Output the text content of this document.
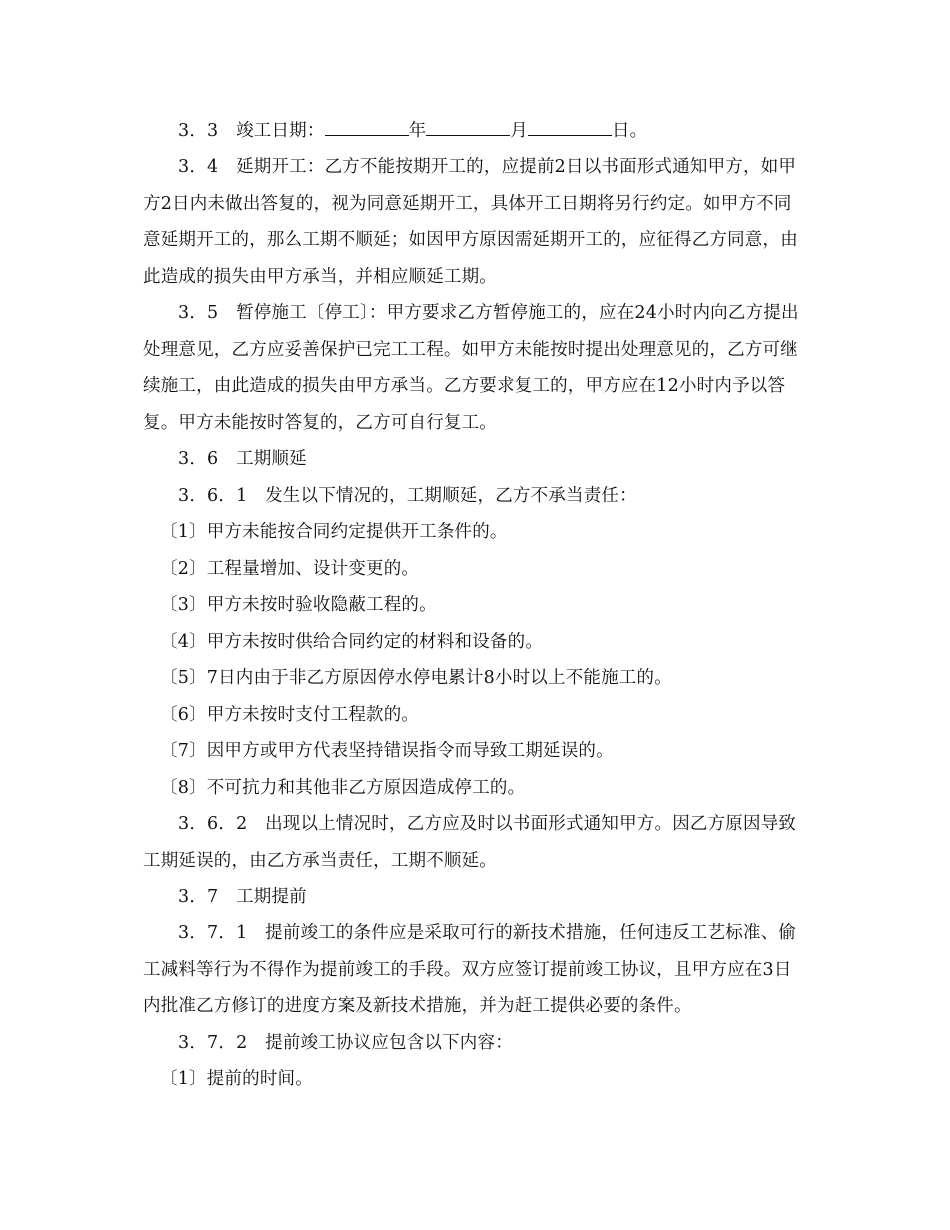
3．3　竣工日期：	年	月	日。

3．4　延期开工：乙方不能按期开工的，应提前2日以书面形式通知甲方，如甲方2日内未做出答复的，视为同意延期开工，具体开工日期将另行约定。如甲方不同意延期开工的，那么工期不顺延；如因甲方原因需延期开工的，应征得乙方同意，由此造成的损失由甲方承当，并相应顺延工期。

3．5　暂停施工〔停工〕：甲方要求乙方暂停施工的，应在24小时内向乙方提出处理意见，乙方应妥善保护已完工工程。如甲方未能按时提出处理意见的，乙方可继续施工，由此造成的损失由甲方承当。乙方要求复工的，甲方应在12小时内予以答复。甲方未能按时答复的，乙方可自行复工。

3．6　工期顺延

3．6．1　发生以下情况的，工期顺延，乙方不承当责任：

〔1〕甲方未能按合同约定提供开工条件的。

〔2〕工程量增加、设计变更的。

〔3〕甲方未按时验收隐蔽工程的。

〔4〕甲方未按时供给合同约定的材料和设备的。

〔5〕7日内由于非乙方原因停水停电累计8小时以上不能施工的。

〔6〕甲方未按时支付工程款的。

〔7〕因甲方或甲方代表坚持错误指令而导致工期延误的。

〔8〕不可抗力和其他非乙方原因造成停工的。

3．6．2　出现以上情况时，乙方应及时以书面形式通知甲方。因乙方原因导致工期延误的，由乙方承当责任，工期不顺延。

3．7　工期提前

3．7．1　提前竣工的条件应是采取可行的新技术措施，任何违反工艺标准、偷工减料等行为不得作为提前竣工的手段。双方应签订提前竣工协议，且甲方应在3日内批准乙方修订的进度方案及新技术措施，并为赶工提供必要的条件。

3．7．2　提前竣工协议应包含以下内容：

〔1〕提前的时间。
